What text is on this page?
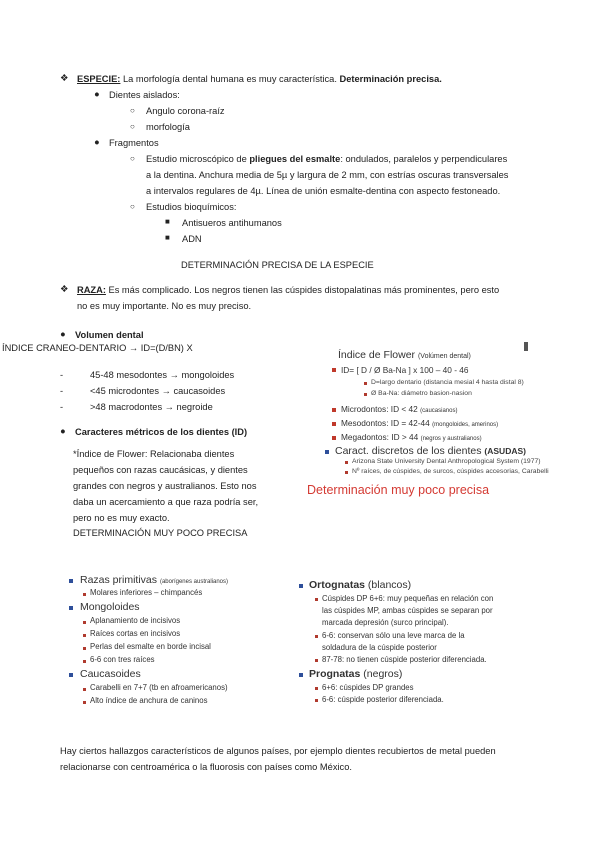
❖ ESPECIE: La morfología dental humana es muy característica. Determinación precisa.
● Dientes aislados:
○ Angulo corona-raíz
○ morfología
● Fragmentos
○ Estudio microscópico de pliegues del esmalte: ondulados, paralelos y perpendiculares
a la dentina. Anchura media de 5µ y largura de 2 mm, con estrías oscuras transversales
a intervalos regulares de 4µ. Línea de unión esmalte-dentina con aspecto festoneado.
○ Estudios bioquímicos:
■ Antisueros antihumanos
■ ADN
DETERMINACIÓN PRECISA DE LA ESPECIE
❖ RAZA: Es más complicado. Los negros tienen las cúspides distopalatinas más prominentes, pero esto
no es muy importante. No es muy preciso.
● Volumen dental
ÍNDICE CRANEO-DENTARIO → ID=(D/BN) X
-	45-48 mesodontes → mongoloides
-	<45 microdontes → caucasoides
-	>48 macrodontes → negroide
● Caracteres métricos de los dientes (ID)
*Índice de Flower: Relacionaba dientes
pequeños con razas caucásicas, y dientes
grandes con negros y australianos. Esto nos
daba un acercamiento a que raza podría ser,
pero no es muy exacto.
DETERMINACIÓN MUY POCO PRECISA
Índice de Flower (Volúmen dental)
ID= [ D / Ø Ba-Na ] x 100 – 40 - 46
D=largo dentario (distancia mesial 4 hasta distal 8)
Ø Ba-Na: diámetro basion-nasion
Microdontos: ID < 42 (caucasianos)
Mesodontos: ID = 42-44 (mongoloides, amerinos)
Megadontos: ID > 44 (negros y australianos)
Caract. discretos de los dientes (ASUDAS)
Arizona State University Dental Anthropological System (1977)
Nº raíces, de cúspides, de surcos, cúspides accesorias, Carabelli
Determinación muy poco precisa
Razas primitivas (aborígenes australianos)
Molares inferiores – chimpancés
Mongoloides
Aplanamiento de incisivos
Raíces cortas en incisivos
Perlas del esmalte en borde incisal
6-6 con tres raíces
Caucasoides
Carabelli en 7+7 (tb en afroamericanos)
Alto índice de anchura de caninos
Ortognatas (blancos)
Cúspides DP 6+6: muy pequeñas en relación con
las cúspides MP, ambas cúspides se separan por
marcada depresión (surco principal).
6-6: conservan sólo una leve marca de la
soldadura de la cúspide posterior
87-78: no tienen cúspide posterior diferenciada.
Prognatas (negros)
6+6: cúspides DP grandes
6-6: cúspide posterior diferenciada.
Hay ciertos hallazgos característicos de algunos países, por ejemplo dientes recubiertos de metal pueden
relacionarse con centroamérica o la fluorosis con países como México.
